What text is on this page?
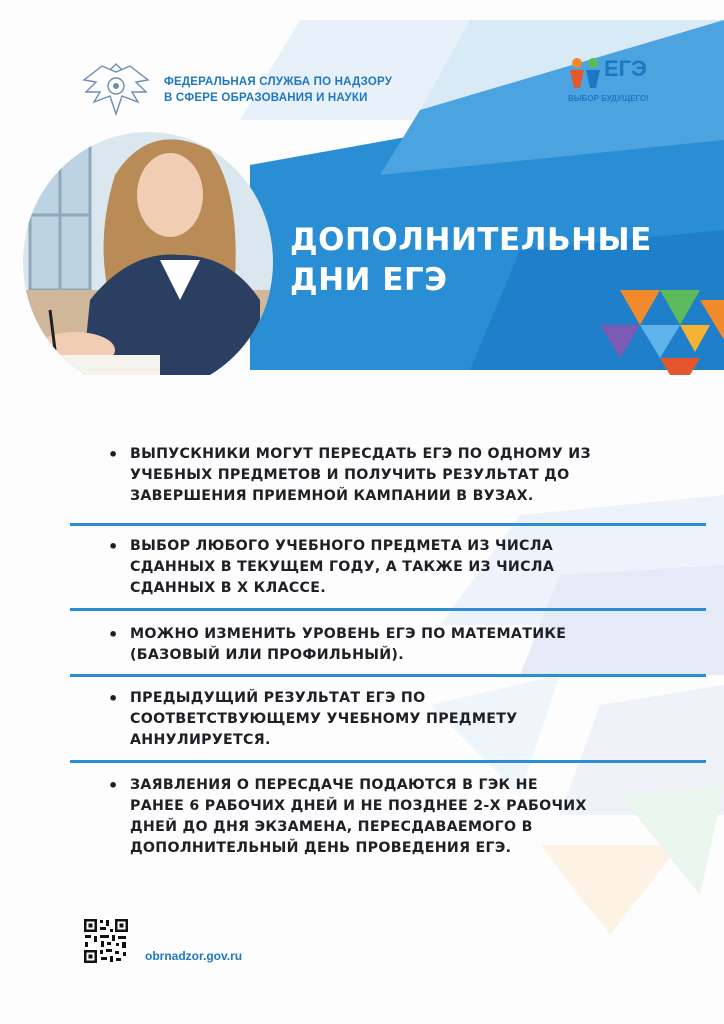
ФЕДЕРАЛЬНАЯ СЛУЖБА ПО НАДЗОРУ
В СФЕРЕ ОБРАЗОВАНИЯ И НАУКИ
ЕГЭ
ВЫБОР БУДУЩЕГО!
ДОПОЛНИТЕЛЬНЫЕ
ДНИ ЕГЭ
• ВЫПУСКНИКИ МОГУТ ПЕРЕСДАТЬ ЕГЭ ПО ОДНОМУ ИЗ
УЧЕБНЫХ ПРЕДМЕТОВ И ПОЛУЧИТЬ РЕЗУЛЬТАТ ДО
ЗАВЕРШЕНИЯ ПРИЕМНОЙ КАМПАНИИ В ВУЗАХ.
• ВЫБОР ЛЮБОГО УЧЕБНОГО ПРЕДМЕТА ИЗ ЧИСЛА
СДАННЫХ В ТЕКУЩЕМ ГОДУ, А ТАКЖЕ ИЗ ЧИСЛА
СДАННЫХ В X КЛАССЕ.
• МОЖНО ИЗМЕНИТЬ УРОВЕНЬ ЕГЭ ПО МАТЕМАТИКЕ
(БАЗОВЫЙ ИЛИ ПРОФИЛЬНЫЙ).
• ПРЕДЫДУЩИЙ РЕЗУЛЬТАТ ЕГЭ ПО
СООТВЕТСТВУЮЩЕМУ УЧЕБНОМУ ПРЕДМЕТУ
АННУЛИРУЕТСЯ.
• ЗАЯВЛЕНИЯ О ПЕРЕСДАЧЕ ПОДАЮТСЯ В ГЭК НЕ
РАНЕЕ 6 РАБОЧИХ ДНЕЙ И НЕ ПОЗДНЕЕ 2-Х РАБОЧИХ
ДНЕЙ ДО ДНЯ ЭКЗАМЕНА, ПЕРЕСДАВАЕМОГО В
ДОПОЛНИТЕЛЬНЫЙ ДЕНЬ ПРОВЕДЕНИЯ ЕГЭ.
obrnadzor.gov.ru
